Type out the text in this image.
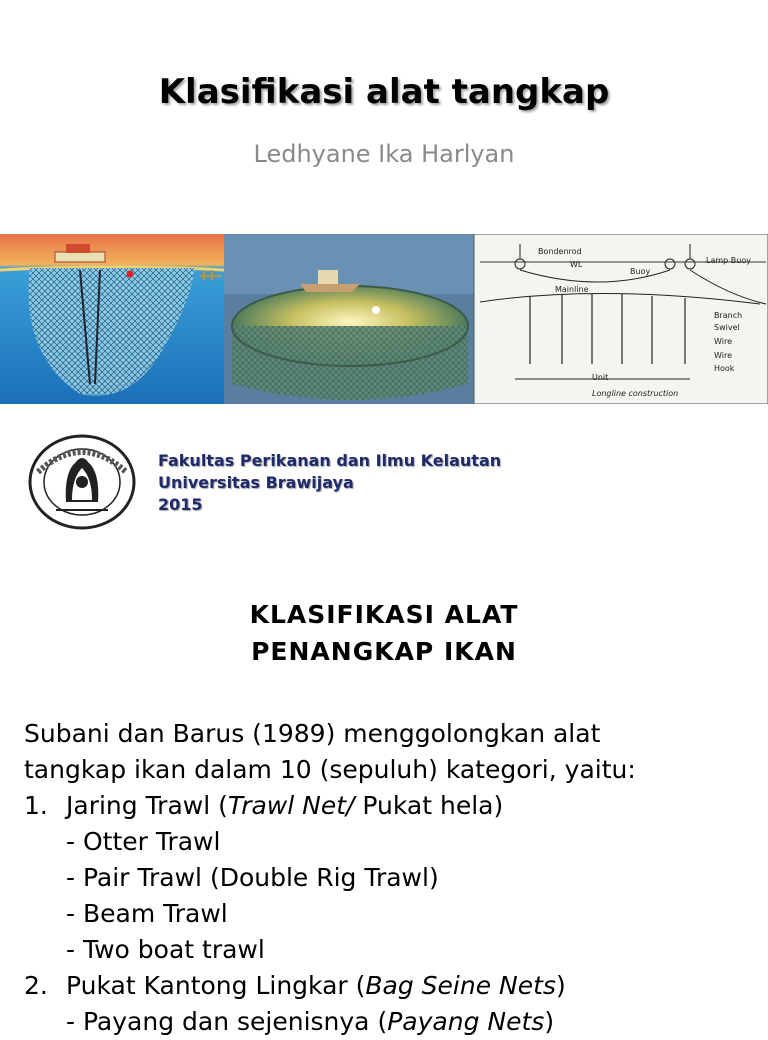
Klasifikasi alat tangkap
Ledhyane Ika Harlyan
Bondenrod
Lamp Buoy
WL
Buoy
Mainline
Branch
Swivel
Wire
Wire
Hook
Unit
Longline construction
Fakultas Perikanan dan Ilmu Kelautan
Universitas Brawijaya
2015
KLASIFIKASI ALAT
PENANGKAP IKAN
Subani dan Barus (1989) menggolongkan alat
tangkap ikan dalam 10 (sepuluh) kategori, yaitu:
1. Jaring Trawl (Trawl Net/ Pukat hela)
- Otter Trawl
- Pair Trawl (Double Rig Trawl)
- Beam Trawl
- Two boat trawl
2. Pukat Kantong Lingkar (Bag Seine Nets)
- Payang dan sejenisnya (Payang Nets)
